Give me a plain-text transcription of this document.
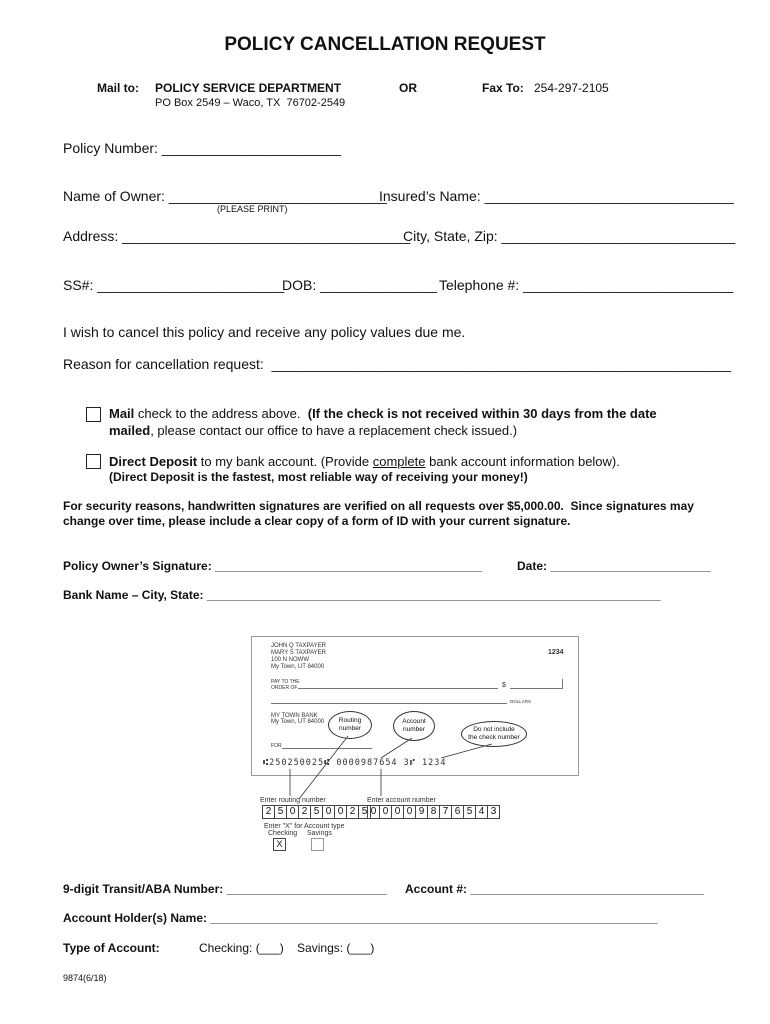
POLICY CANCELLATION REQUEST
Mail to: POLICY SERVICE DEPARTMENT
PO Box 2549 – Waco, TX  76702-2549
OR	Fax To: 254-297-2105
Policy Number: _______________________
Name of Owner: ____________________________
(PLEASE PRINT)
Insured’s Name: ________________________________
Address: _____________________________________
City, State, Zip: ______________________________
SS#: ________________________
DOB: _______________ Telephone #: ___________________________
I wish to cancel this policy and receive any policy values due me.
Reason for cancellation request:  ___________________________________________________________
Mail check to the address above.  (If the check is not received within 30 days from the date
mailed, please contact our office to have a replacement check issued.)
Direct Deposit to my bank account. (Provide complete bank account information below).
(Direct Deposit is the fastest, most reliable way of receiving your money!)
For security reasons, handwritten signatures are verified on all requests over $5,000.00.  Since signatures may
change over time, please include a clear copy of a form of ID with your current signature.
Policy Owner’s Signature: ________________________________________	Date: ________________________
Bank Name – City, State: ____________________________________________________________________
JOHN Q TAXPAYER
MARY S TAXPAYER
100 N NOWW
My Town, UT 84000
1234
PAY TO THE
ORDER OF	$
DOLLARS
MY TOWN BANK
My Town, UT 84000
FOR
Routing
number
Account
number	Do not include
the check number
⑆250250025⑆ 0000987654 3⑈ 1234
Enter routing number	Enter account number
2 5 0 2 5 0 0 2 5 0 0 0 0 9 8 7 6 5 4 3
Enter "X" for Account type
Checking Savings
X
9-digit Transit/ABA Number: ________________________ Account #: ___________________________________
Account Holder(s) Name: ___________________________________________________________________
Type of Account:	Checking: (___)    Savings: (___)
9874(6/18)
